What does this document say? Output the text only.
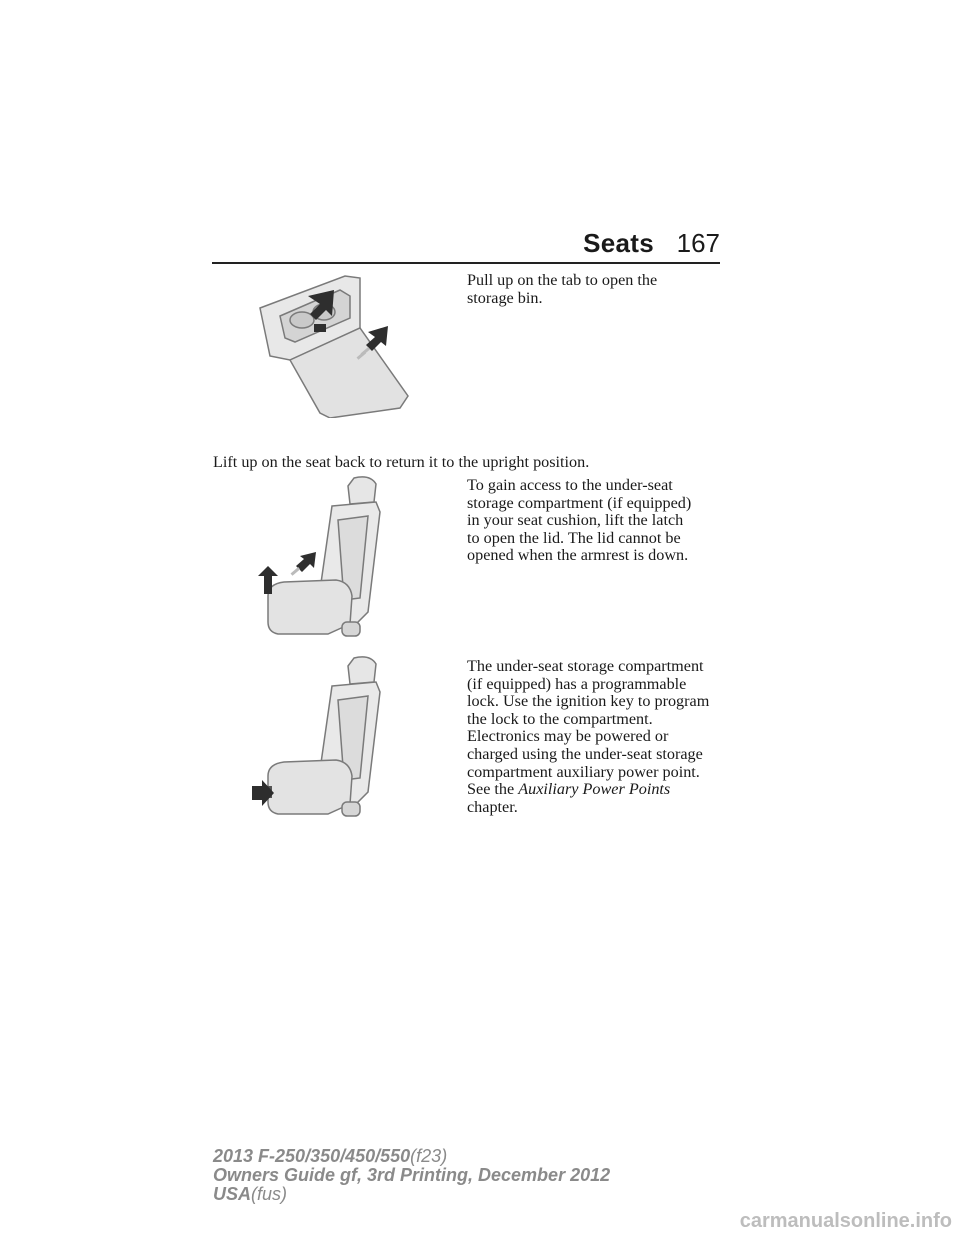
Seats 167
Pull up on the tab to open the
storage bin.
Lift up on the seat back to return it to the upright position.
To gain access to the under-seat
storage compartment (if equipped)
in your seat cushion, lift the latch
to open the lid. The lid cannot be
opened when the armrest is down.
The under-seat storage compartment
(if equipped) has a programmable
lock. Use the ignition key to program
the lock to the compartment.
Electronics may be powered or
charged using the under-seat storage
compartment auxiliary power point.
See the Auxiliary Power Points
chapter.
2013 F-250/350/450/550(f23)
Owners Guide gf, 3rd Printing, December 2012
USA(fus)
carmanualsonline.info
